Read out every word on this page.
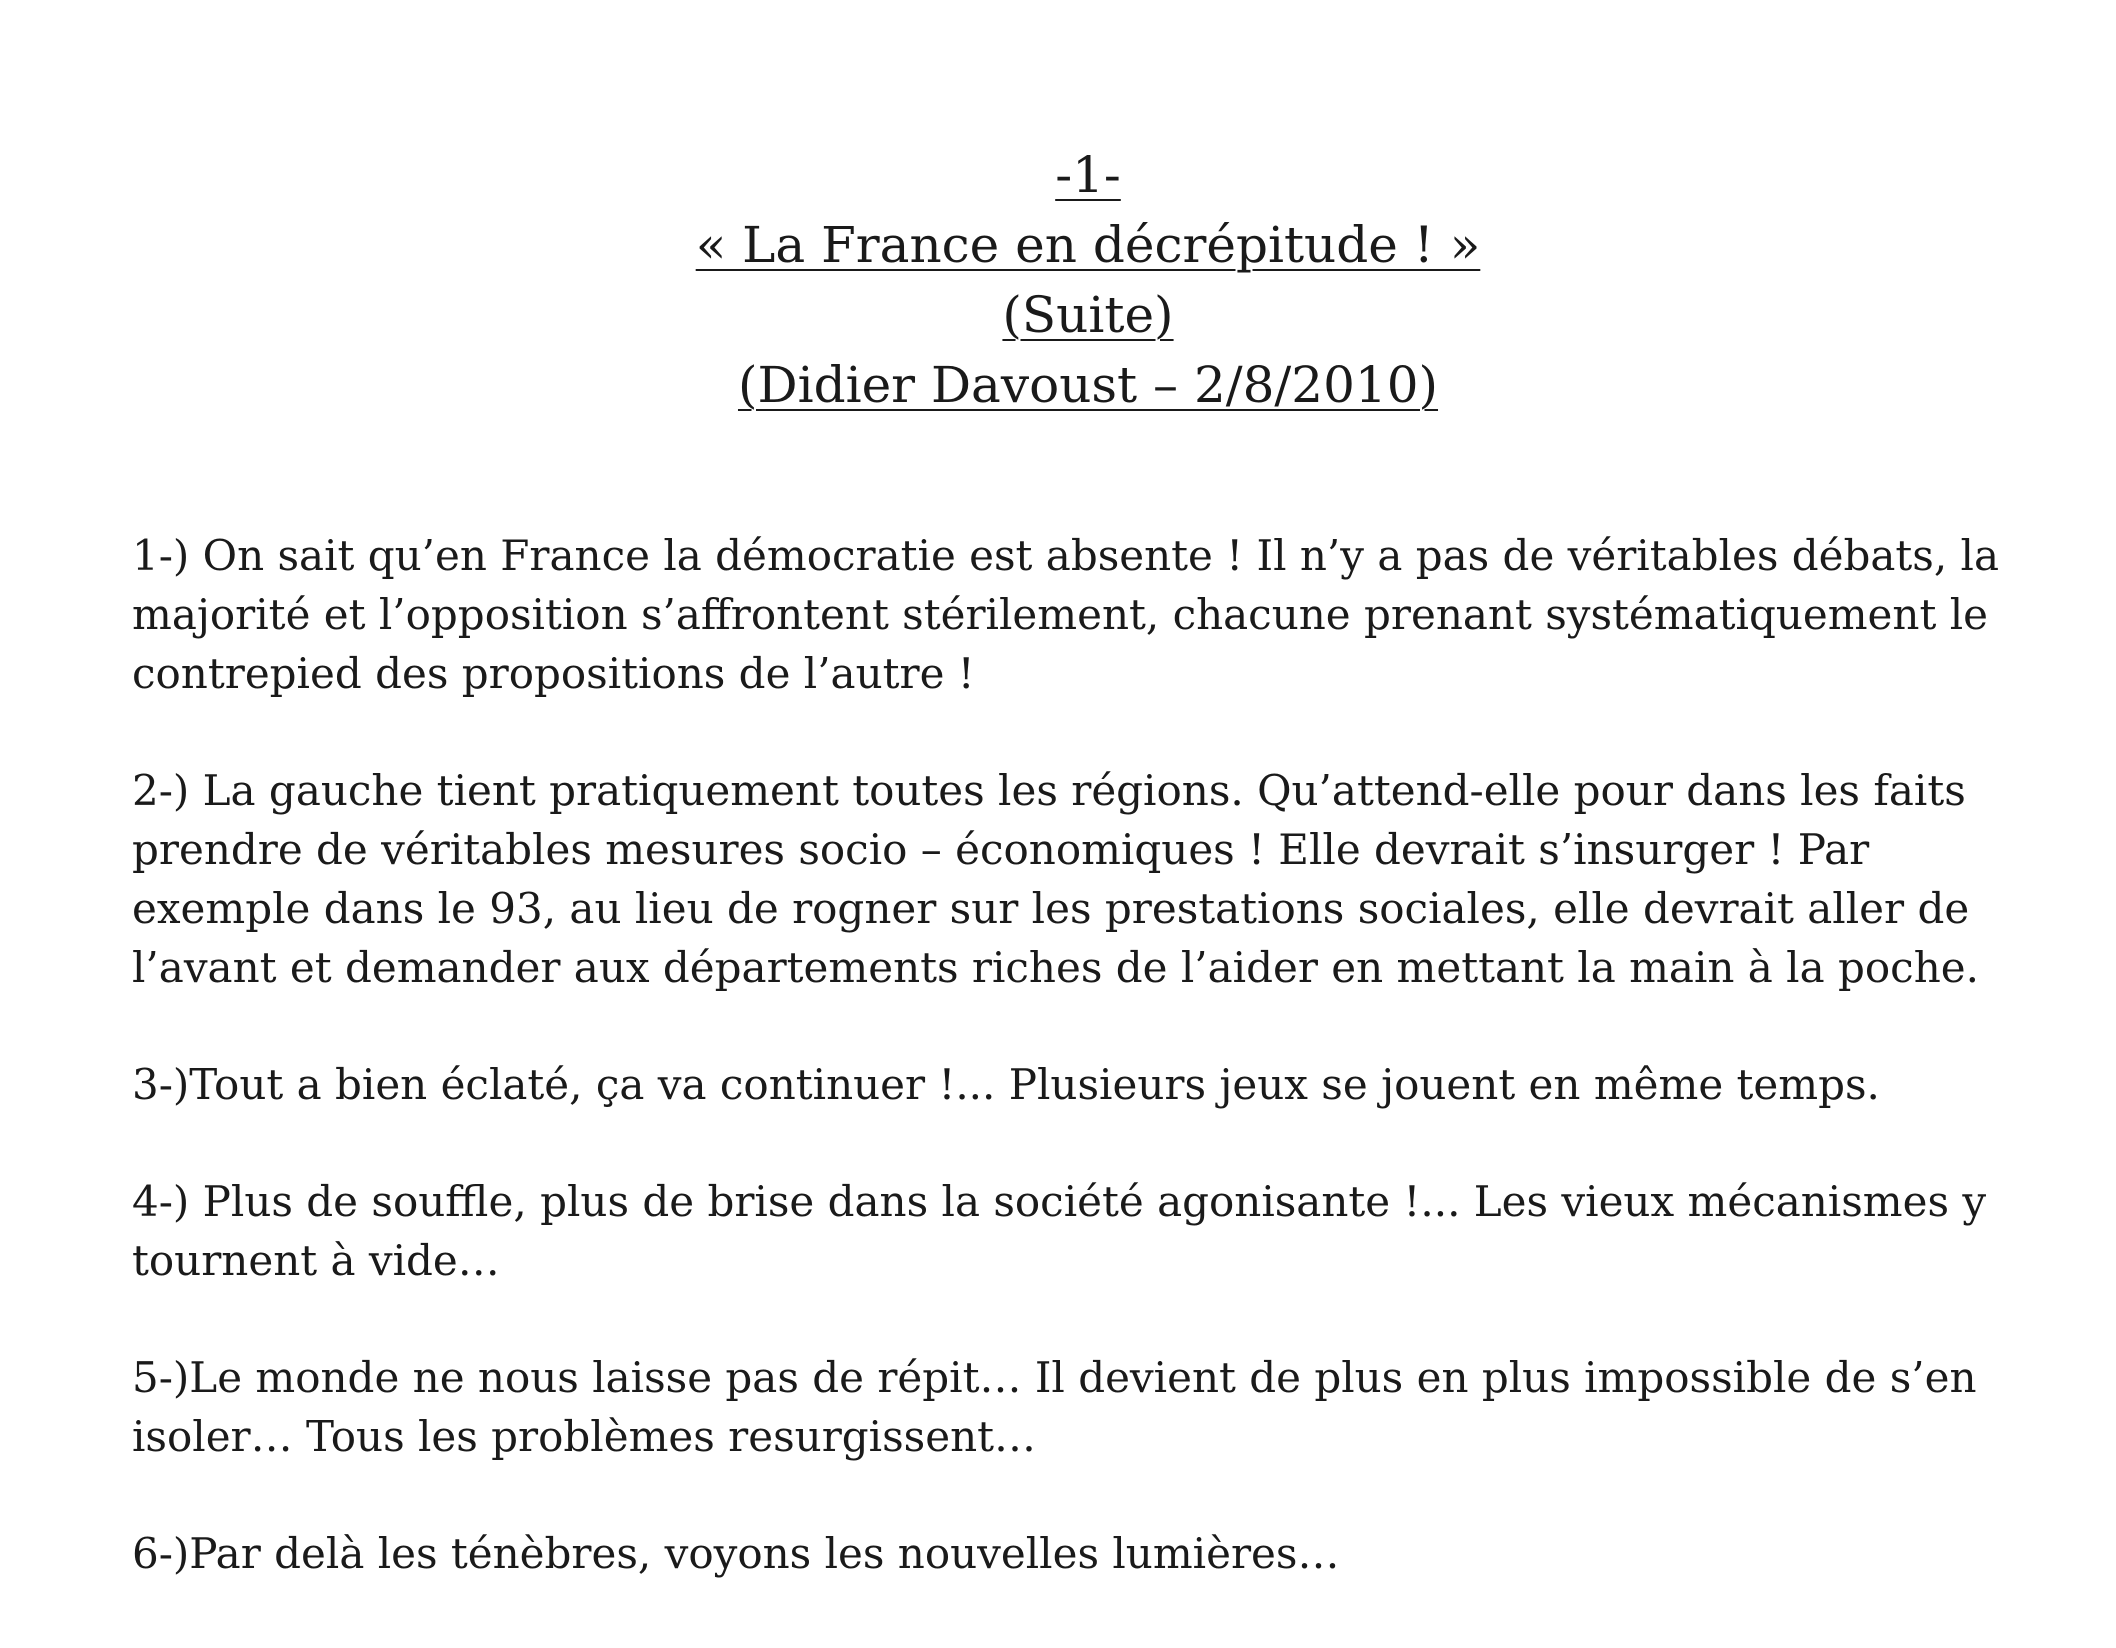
-1-
« La France en décrépitude ! »
(Suite)
(Didier Davoust – 2/8/2010)
1-) On sait qu’en France la démocratie est absente ! Il n’y a pas de véritables débats, la
majorité et l’opposition s’affrontent stérilement, chacune prenant systématiquement le
contrepied des propositions de l’autre !
2-) La gauche tient pratiquement toutes les régions. Qu’attend-elle pour dans les faits
prendre de véritables mesures socio – économiques ! Elle devrait s’insurger ! Par
exemple dans le 93, au lieu de rogner sur les prestations sociales, elle devrait aller de
l’avant et demander aux départements riches de l’aider en mettant la main à la poche.
3-)Tout a bien éclaté, ça va continuer !... Plusieurs jeux se jouent en même temps.
4-) Plus de souffle, plus de brise dans la société agonisante !... Les vieux mécanismes y
tournent à vide…
5-)Le monde ne nous laisse pas de répit… Il devient de plus en plus impossible de s’en
isoler… Tous les problèmes resurgissent…
6-)Par delà les ténèbres, voyons les nouvelles lumières…
